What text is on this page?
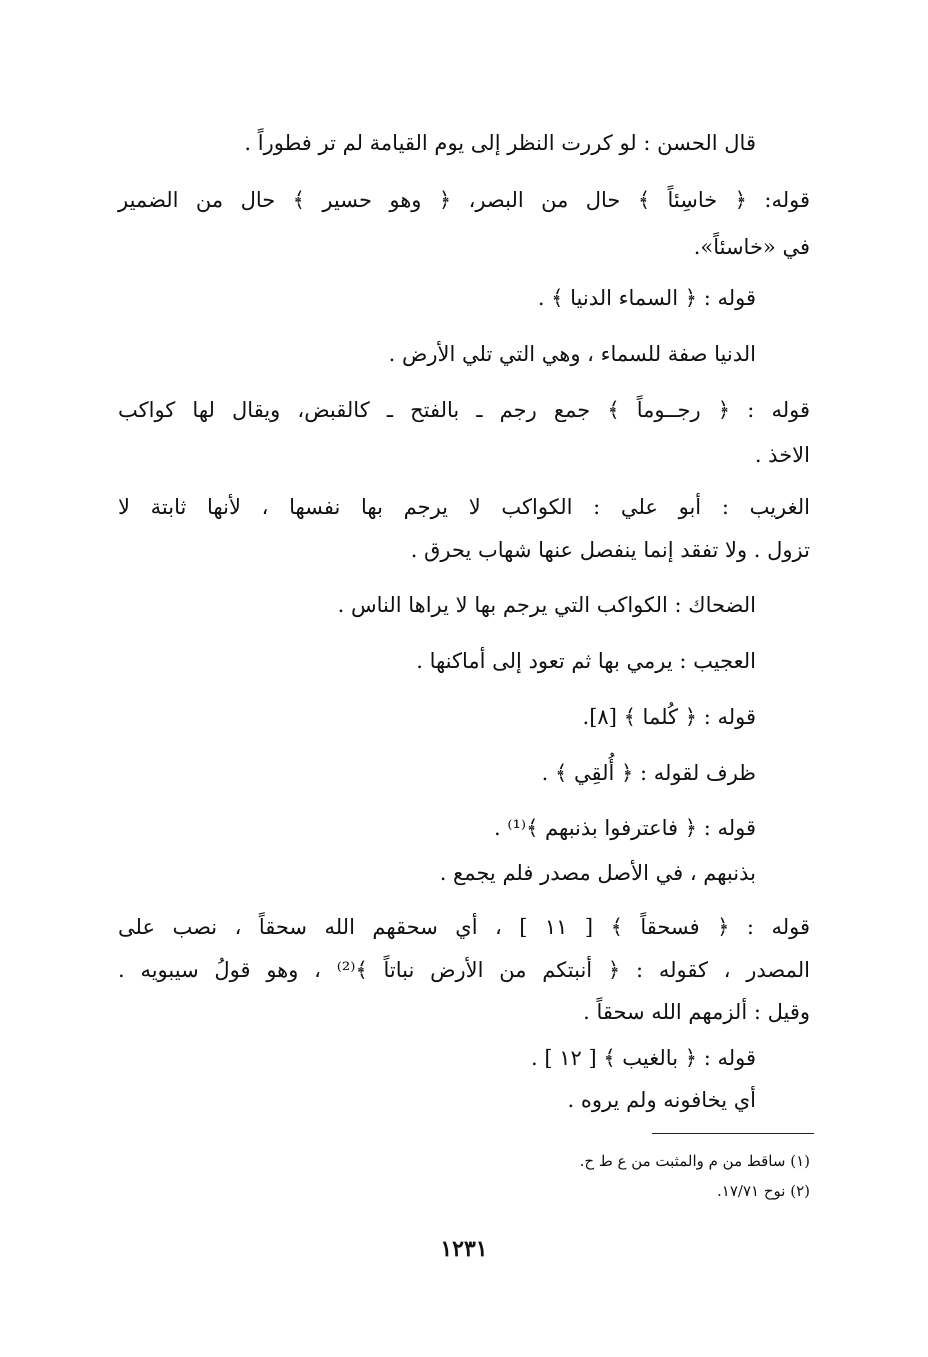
قال الحسن : لو كررت النظر إلى يوم القيامة لم تر فطوراً .
قوله: ﴿ خاسِئاً ﴾ حال من البصر، ﴿ وهو حسير ﴾ حال من الضمير
في «خاسئاً».
قوله : ﴿ السماء الدنيا ﴾ .
الدنيا صفة للسماء ، وهي التي تلي الأرض .
قوله : ﴿ رجــوماً ﴾ جمع رجم ـ بالفتح ـ كالقبض، ويقال لها كواكب
الاخذ .
الغريب : أبو علي : الكواكب لا يرجم بها نفسها ، لأنها ثابتة لا
تزول . ولا تفقد إنما ينفصل عنها شهاب يحرق .
الضحاك : الكواكب التي يرجم بها لا يراها الناس .
العجيب : يرمي بها ثم تعود إلى أماكنها .
قوله : ﴿ كُلما ﴾ [٨].
ظرف لقوله : ﴿ أُلقِي ﴾ .
قوله : ﴿ فاعترفوا بذنبهم ﴾⁽¹⁾ .
بذنبهم ، في الأصل مصدر فلم يجمع .
قوله : ﴿ فسحقاً ﴾ [ ١١ ] ، أي سحقهم الله سحقاً ، نصب على
المصدر ، كقوله : ﴿ أنبتكم من الأرض نباتاً ﴾⁽²⁾ ، وهو قولُ سيبويه .
وقيل : ألزمهم الله سحقاً .
قوله : ﴿ بالغيب ﴾ [ ١٢ ] .
أي يخافونه ولم يروه .
(١) ساقط من م والمثبت من ع ط ح.
(٢) نوح ١٧/٧١.
١٢٣١
